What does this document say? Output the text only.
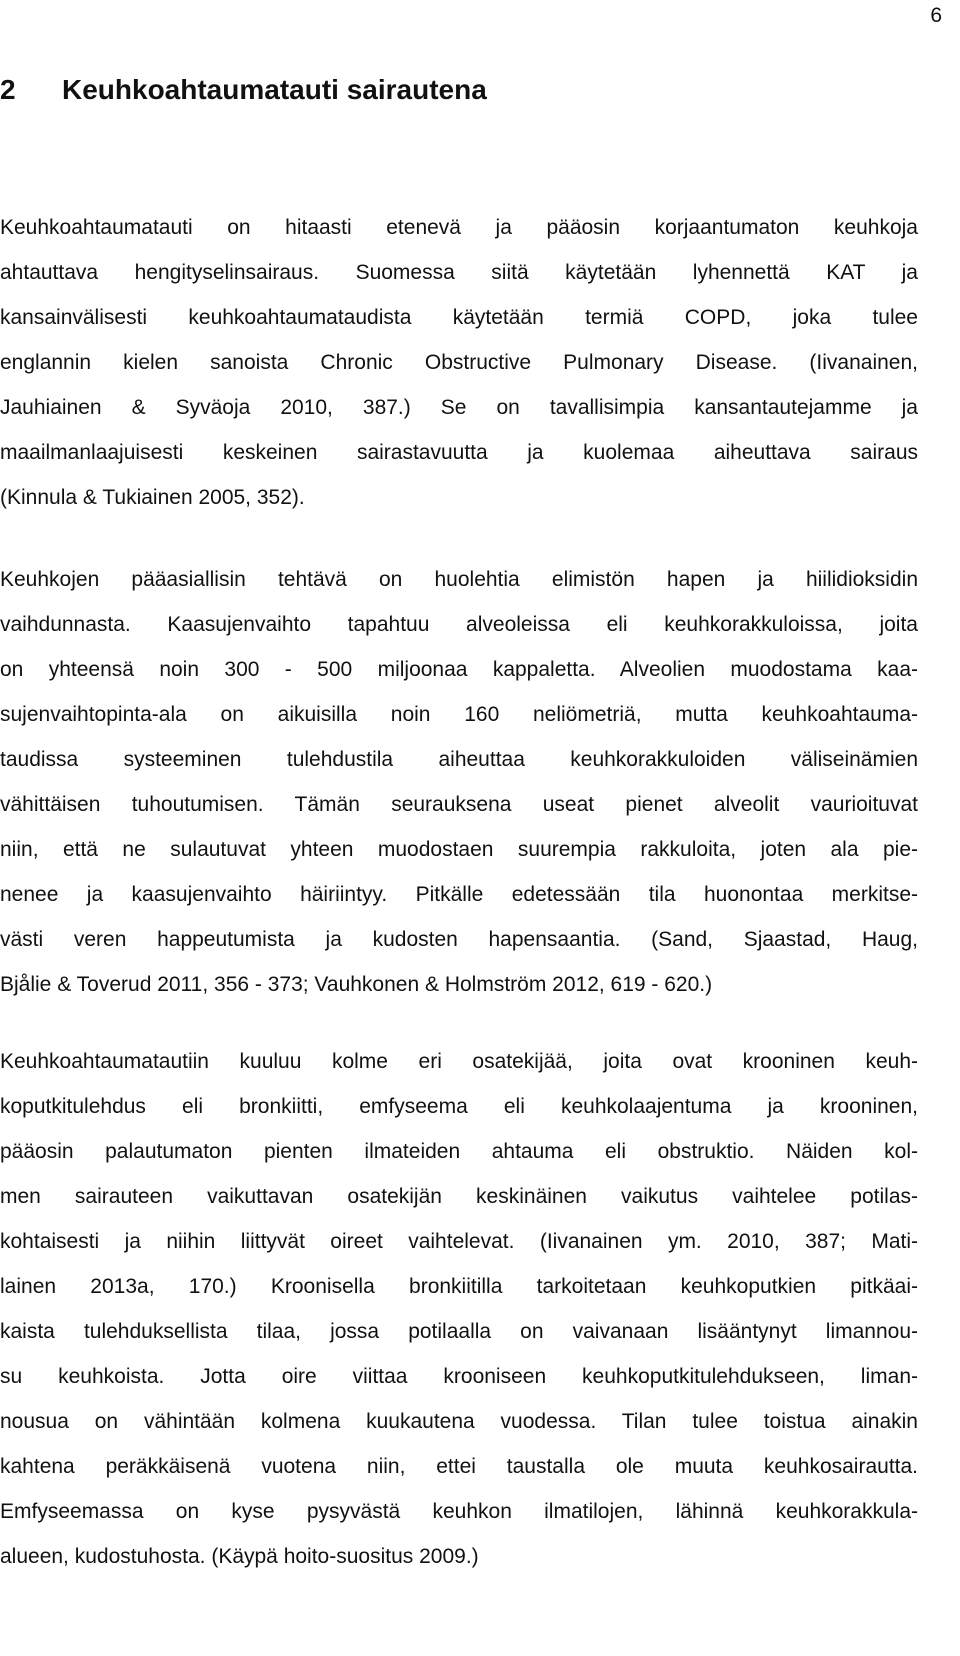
6
2	Keuhkoahtaumatauti sairautena
Keuhkoahtaumatauti on hitaasti etenevä ja pääosin korjaantumaton keuhkoja
ahtauttava hengityselinsairaus. Suomessa siitä käytetään lyhennettä KAT ja
kansainvälisesti keuhkoahtaumataudista käytetään termiä COPD, joka tulee
englannin kielen sanoista Chronic Obstructive Pulmonary Disease. (Iivanainen,
Jauhiainen & Syväoja 2010, 387.) Se on tavallisimpia kansantautejamme ja
maailmanlaajuisesti keskeinen sairastavuutta ja kuolemaa aiheuttava sairaus
(Kinnula & Tukiainen 2005, 352).
Keuhkojen pääasiallisin tehtävä on huolehtia elimistön hapen ja hiilidioksidin
vaihdunnasta. Kaasujenvaihto tapahtuu alveoleissa eli keuhkorakkuloissa, joita
on yhteensä noin 300 - 500 miljoonaa kappaletta. Alveolien muodostama kaa-
sujenvaihtopinta-ala on aikuisilla noin 160 neliömetriä, mutta keuhkoahtauma-
taudissa systeeminen tulehdustila aiheuttaa keuhkorakkuloiden väliseinämien
vähittäisen tuhoutumisen. Tämän seurauksena useat pienet alveolit vaurioituvat
niin, että ne sulautuvat yhteen muodostaen suurempia rakkuloita, joten ala pie-
nenee ja kaasujenvaihto häiriintyy. Pitkälle edetessään tila huonontaa merkitse-
västi veren happeutumista ja kudosten hapensaantia. (Sand, Sjaastad, Haug,
Bjålie & Toverud 2011, 356 - 373; Vauhkonen & Holmström 2012, 619 - 620.)
Keuhkoahtaumatautiin kuuluu kolme eri osatekijää, joita ovat krooninen keuh-
koputkitulehdus eli bronkiitti, emfyseema eli keuhkolaajentuma ja krooninen,
pääosin palautumaton pienten ilmateiden ahtauma eli obstruktio. Näiden kol-
men sairauteen vaikuttavan osatekijän keskinäinen vaikutus vaihtelee potilas-
kohtaisesti ja niihin liittyvät oireet vaihtelevat. (Iivanainen ym. 2010, 387; Mati-
lainen 2013a, 170.) Kroonisella bronkiitilla tarkoitetaan keuhkoputkien pitkäai-
kaista tulehduksellista tilaa, jossa potilaalla on vaivanaan lisääntynyt limannou-
su keuhkoista. Jotta oire viittaa krooniseen keuhkoputkitulehdukseen, liman-
nousua on vähintään kolmena kuukautena vuodessa. Tilan tulee toistua ainakin
kahtena peräkkäisenä vuotena niin, ettei taustalla ole muuta keuhkosairautta.
Emfyseemassa on kyse pysyvästä keuhkon ilmatilojen, lähinnä keuhkorakkula-
alueen, kudostuhosta. (Käypä hoito-suositus 2009.)
